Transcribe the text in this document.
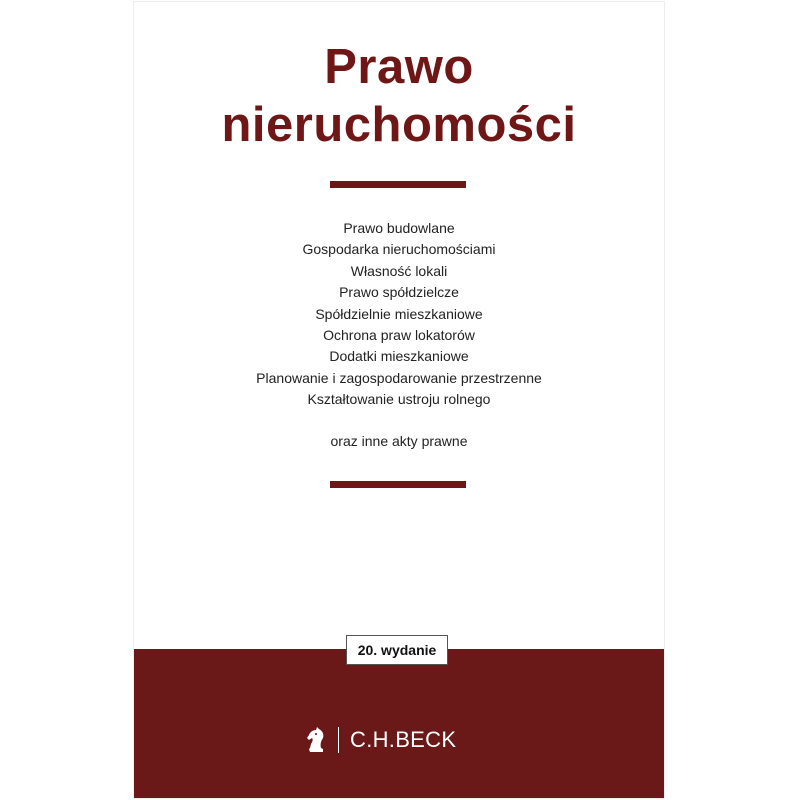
Prawo
nieruchomości
Prawo budowlane
Gospodarka nieruchomościami
Własność lokali
Prawo spółdzielcze
Spółdzielnie mieszkaniowe
Ochrona praw lokatorów
Dodatki mieszkaniowe
Planowanie i zagospodarowanie przestrzenne
Kształtowanie ustroju rolnego
oraz inne akty prawne
20. wydanie
C.H.BECK
